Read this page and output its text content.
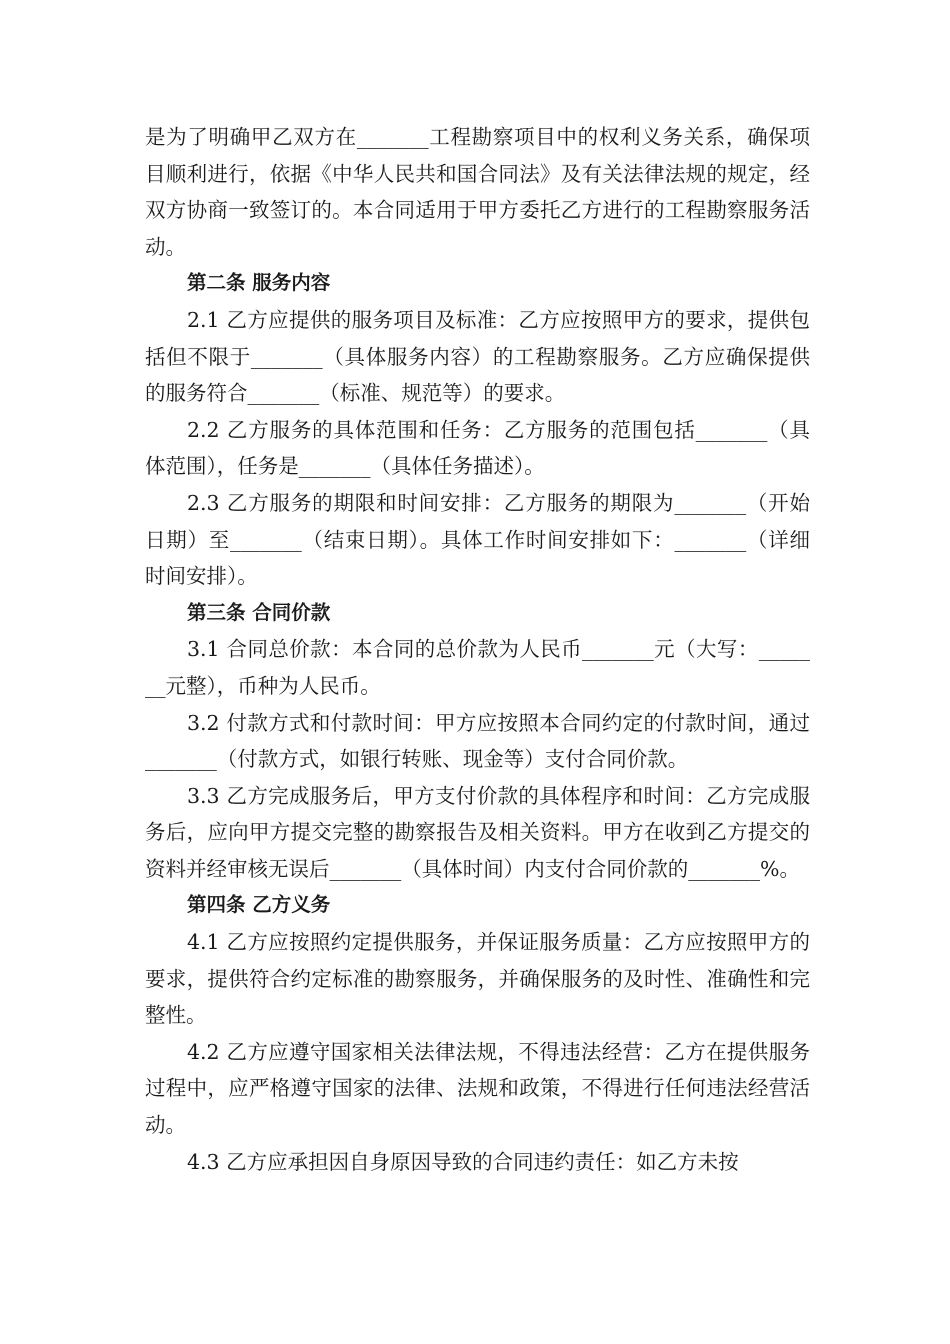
是为了明确甲乙双方在_______工程勘察项目中的权利义务关系，确保项目顺利进行，依据《中华人民共和国合同法》及有关法律法规的规定，经双方协商一致签订的。本合同适用于甲方委托乙方进行的工程勘察服务活动。

第二条 服务内容

2.1 乙方应提供的服务项目及标准：乙方应按照甲方的要求，提供包括但不限于_______（具体服务内容）的工程勘察服务。乙方应确保提供的服务符合_______（标准、规范等）的要求。

2.2 乙方服务的具体范围和任务：乙方服务的范围包括_______（具体范围），任务是_______（具体任务描述）。

2.3 乙方服务的期限和时间安排：乙方服务的期限为_______（开始日期）至_______（结束日期）。具体工作时间安排如下：_______（详细时间安排）。

第三条 合同价款

3.1 合同总价款：本合同的总价款为人民币_______元（大写：_______元整），币种为人民币。

3.2 付款方式和付款时间：甲方应按照本合同约定的付款时间，通过_______（付款方式，如银行转账、现金等）支付合同价款。

3.3 乙方完成服务后，甲方支付价款的具体程序和时间：乙方完成服务后，应向甲方提交完整的勘察报告及相关资料。甲方在收到乙方提交的资料并经审核无误后_______（具体时间）内支付合同价款的_______%。

第四条 乙方义务

4.1 乙方应按照约定提供服务，并保证服务质量：乙方应按照甲方的要求，提供符合约定标准的勘察服务，并确保服务的及时性、准确性和完整性。

4.2 乙方应遵守国家相关法律法规，不得违法经营：乙方在提供服务过程中，应严格遵守国家的法律、法规和政策，不得进行任何违法经营活动。

4.3 乙方应承担因自身原因导致的合同违约责任：如乙方未按
